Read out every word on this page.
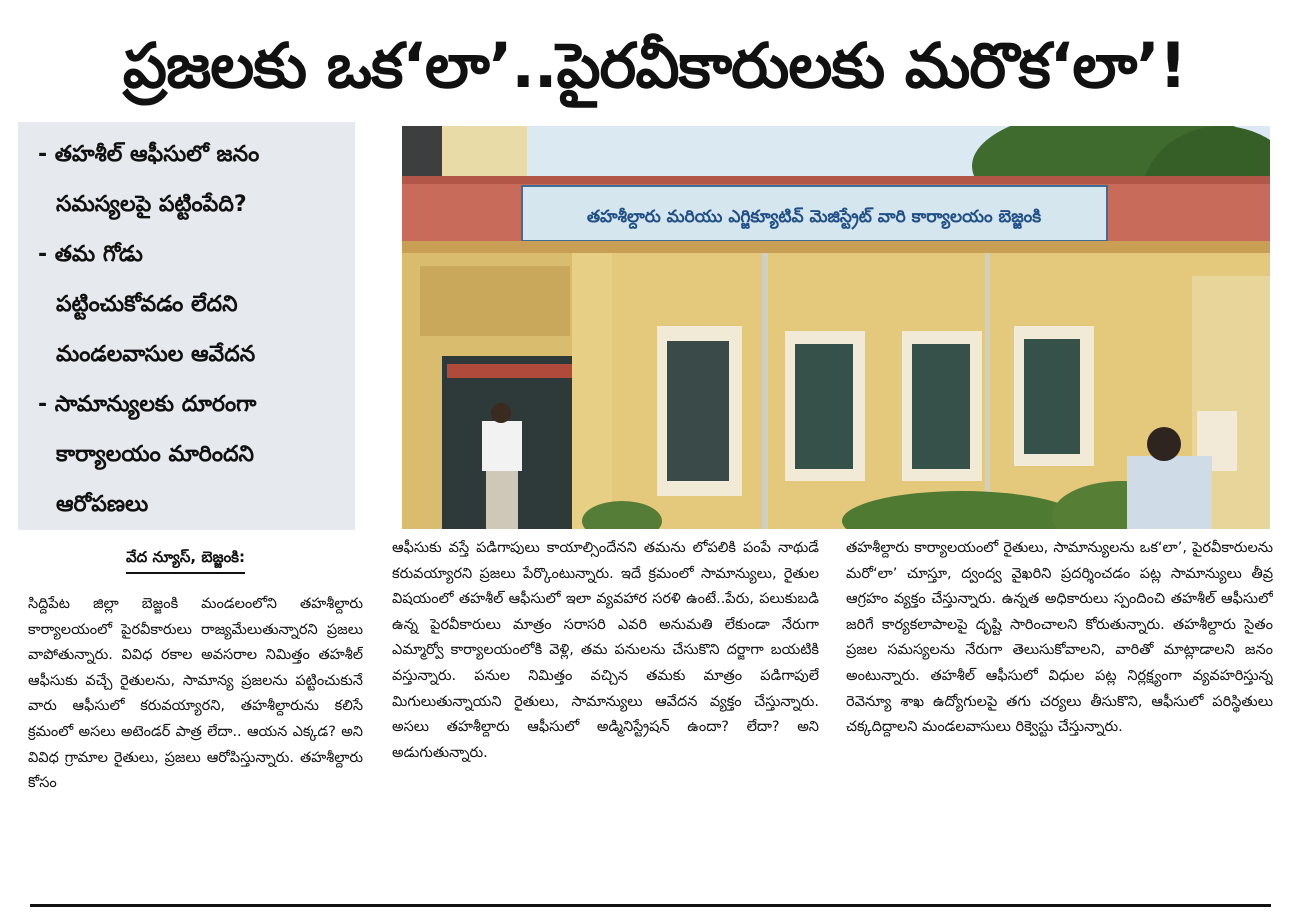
ప్రజలకు ఒక‘లా’..పైరవీకారులకు మరొక‘లా’!
- తహశీల్ ఆఫీసులో జనం
సమస్యలపై పట్టింపేది?
- తమ గోడు
పట్టించుకోవడం లేదని
మండలవాసుల ఆవేదన
- సామాన్యులకు దూరంగా
కార్యాలయం మారిందని
ఆరోపణలు
తహశీల్దారు మరియు ఎగ్జిక్యూటివ్ మెజిస్ట్రేట్ వారి కార్యాలయం బెజ్జంకి
వేద న్యూస్, బెజ్జంకి:
సిద్దిపేట జిల్లా బెజ్జంకి మండలంలోని తహశీల్దారు కార్యాలయంలో పైరవీకారులు రాజ్యమేలుతున్నారని ప్రజలు వాపోతున్నారు. వివిధ రకాల అవసరాల నిమిత్తం తహశీల్ ఆఫీసుకు వచ్చే రైతులను, సామాన్య ప్రజలను పట్టించుకునే వారు ఆఫీసులో కరువయ్యారని, తహశీల్దారును కలిసే క్రమంలో అసలు అటెండర్ పాత్ర లేదా.. ఆయన ఎక్కడ? అని వివిధ గ్రామాల రైతులు, ప్రజలు ఆరోపిస్తున్నారు. తహశీల్దారు కోసం
ఆఫీసుకు వస్తే పడిగాపులు కాయాల్సిందేనని తమను లోపలికి పంపే నాథుడే కరువయ్యారని ప్రజలు పేర్కొంటున్నారు. ఇదే క్రమంలో సామాన్యులు, రైతుల విషయంలో తహశీల్ ఆఫీసులో ఇలా వ్యవహార సరళి ఉంటే..పేరు, పలుకుబడి ఉన్న పైరవీకారులు మాత్రం సరాసరి ఎవరి అనుమతి లేకుండా నేరుగా ఎమ్మార్వో కార్యాలయంలోకి వెళ్లి, తమ పనులను చేసుకొని దర్జాగా బయటికి వస్తున్నారు. పనుల నిమిత్తం వచ్చిన తమకు మాత్రం పడిగాపులే మిగులుతున్నాయని రైతులు, సామాన్యులు ఆవేదన వ్యక్తం చేస్తున్నారు. అసలు తహశీల్దారు ఆఫీసులో అడ్మినిస్ట్రేషన్ ఉందా? లేదా? అని అడుగుతున్నారు.
తహశీల్దారు కార్యాలయంలో రైతులు, సామాన్యులను ఒక‘లా’, పైరవీకారులను మరో‘లా’ చూస్తూ, ద్వంద్వ వైఖరిని ప్రదర్శించడం పట్ల సామాన్యులు తీవ్ర ఆగ్రహం వ్యక్తం చేస్తున్నారు. ఉన్నత అధికారులు స్పందించి తహశీల్ ఆఫీసులో జరిగే కార్యకలాపాలపై దృష్టి సారించాలని కోరుతున్నారు. తహశీల్దారు సైతం ప్రజల సమస్యలను నేరుగా తెలుసుకోవాలని, వారితో మాట్లాడాలని జనం అంటున్నారు. తహశీల్ ఆఫీసులో విధుల పట్ల నిర్లక్ష్యంగా వ్యవహరిస్తున్న రెవెన్యూ శాఖ ఉద్యోగులపై తగు చర్యలు తీసుకొని, ఆఫీసులో పరిస్థితులు చక్కదిద్దాలని మండలవాసులు రిక్వెస్టు చేస్తున్నారు.
